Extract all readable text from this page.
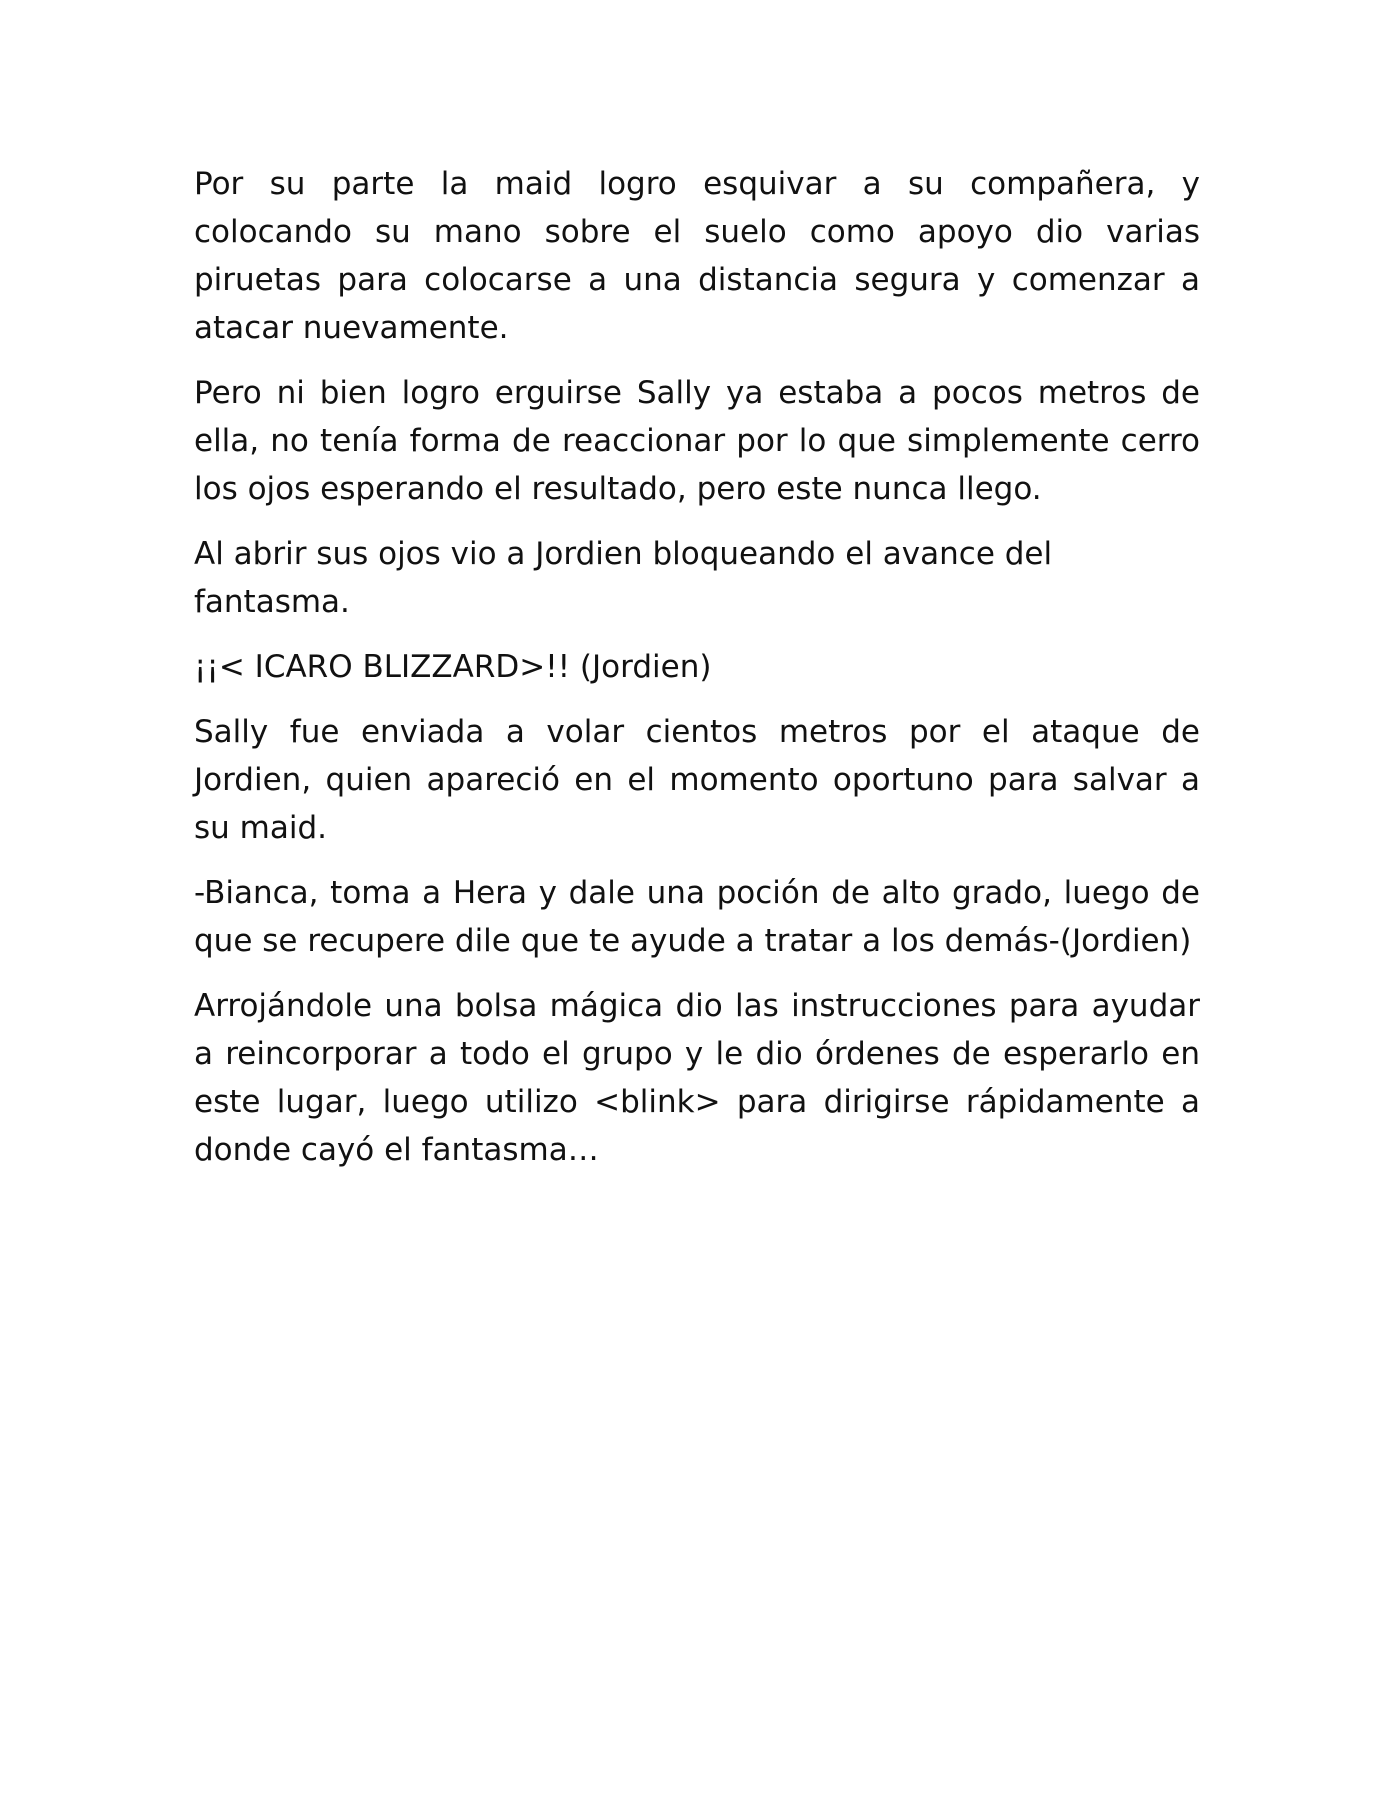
Por su parte la maid logro esquivar a su compañera, y colocando su mano sobre el suelo como apoyo dio varias piruetas para colocarse a una distancia segura y comenzar a atacar nuevamente.

Pero ni bien logro erguirse Sally ya estaba a pocos metros de ella, no tenía forma de reaccionar por lo que simplemente cerro los ojos esperando el resultado, pero este nunca llego.

Al abrir sus ojos vio a Jordien bloqueando el avance del fantasma.

¡¡< ICARO BLIZZARD>!! (Jordien)

Sally fue enviada a volar cientos metros por el ataque de Jordien, quien apareció en el momento oportuno para salvar a su maid.

-Bianca, toma a Hera y dale una poción de alto grado, luego de que se recupere dile que te ayude a tratar a los demás-(Jordien)

Arrojándole una bolsa mágica dio las instrucciones para ayudar a reincorporar a todo el grupo y le dio órdenes de esperarlo en este lugar, luego utilizo <blink> para dirigirse rápidamente a donde cayó el fantasma…
